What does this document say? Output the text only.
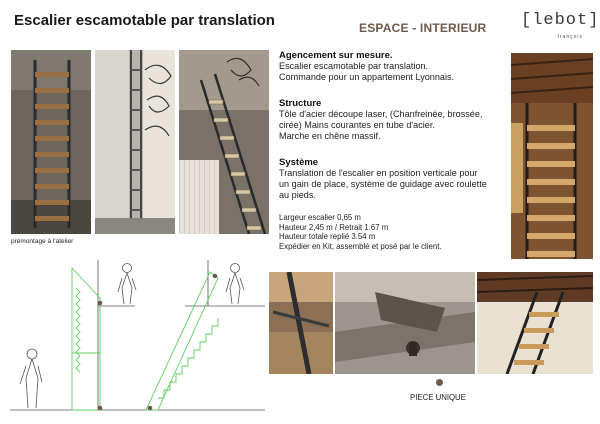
Escalier escamotable par translation	ESPACE - INTERIEUR [lebot]
françois
prémontage à l'atelier
Agencement sur mesure.
Escalier escamotable par translation.
Commande pour un appartement Lyonnais.
Structure
Tôle d'acier découpe laser, (Chanfreinée, brossée,
cirée) Mains courantes en tube d'acier.
Marche en chêne massif.
Système
Translation de l'escalier en position verticale pour
un gain de place, système de guidage avec roulette
au pieds.
Largeur escalier 0,65 m
Hauteur 2,45 m / Retrait 1.67 m
Hauteur totale replié 3.54 m
Expédier en Kit, assemblé et posé par le client.
PIECE UNIQUE
